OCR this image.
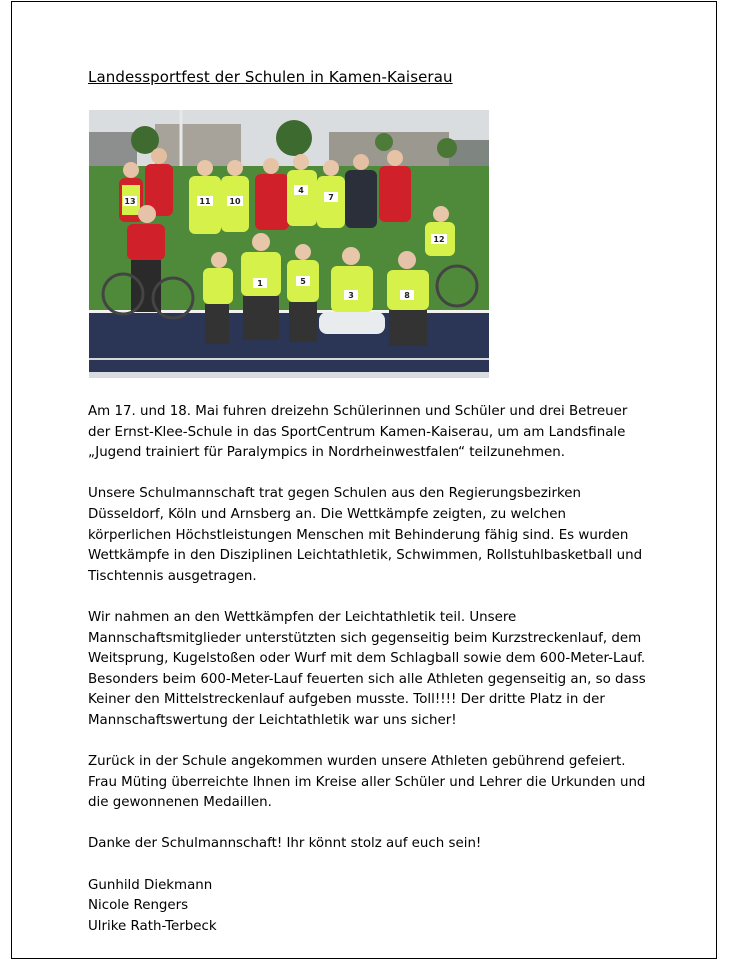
Landessportfest der Schulen in Kamen-Kaiserau
13	11 10
4
7
12
1	5
3	8

Am 17. und 18. Mai fuhren dreizehn Schülerinnen und Schüler und drei Betreuer der Ernst-Klee-Schule in das SportCentrum Kamen-Kaiserau, um am Landsfinale „Jugend trainiert für Paralympics in Nordrheinwestfalen“ teilzunehmen.

Unsere Schulmannschaft trat gegen Schulen aus den Regierungsbezirken Düsseldorf, Köln und Arnsberg an. Die Wettkämpfe zeigten, zu welchen körperlichen Höchstleistungen Menschen mit Behinderung fähig sind. Es wurden Wettkämpfe in den Disziplinen Leichtathletik, Schwimmen, Rollstuhlbasketball und Tischtennis ausgetragen.

Wir nahmen an den Wettkämpfen der Leichtathletik teil. Unsere Mannschaftsmitglieder unterstützten sich gegenseitig beim Kurzstreckenlauf, dem Weitsprung, Kugelstoßen oder Wurf mit dem Schlagball sowie dem 600-Meter-Lauf. Besonders beim 600-Meter-Lauf feuerten sich alle Athleten gegenseitig an, so dass Keiner den Mittelstreckenlauf aufgeben musste. Toll!!!! Der dritte Platz in der Mannschaftswertung der Leichtathletik war uns sicher!

Zurück in der Schule angekommen wurden unsere Athleten gebührend gefeiert. Frau Müting überreichte Ihnen im Kreise aller Schüler und Lehrer die Urkunden und die gewonnenen Medaillen.

Danke der Schulmannschaft! Ihr könnt stolz auf euch sein!

Gunhild Diekmann

Nicole Rengers

Ulrike Rath-Terbeck
